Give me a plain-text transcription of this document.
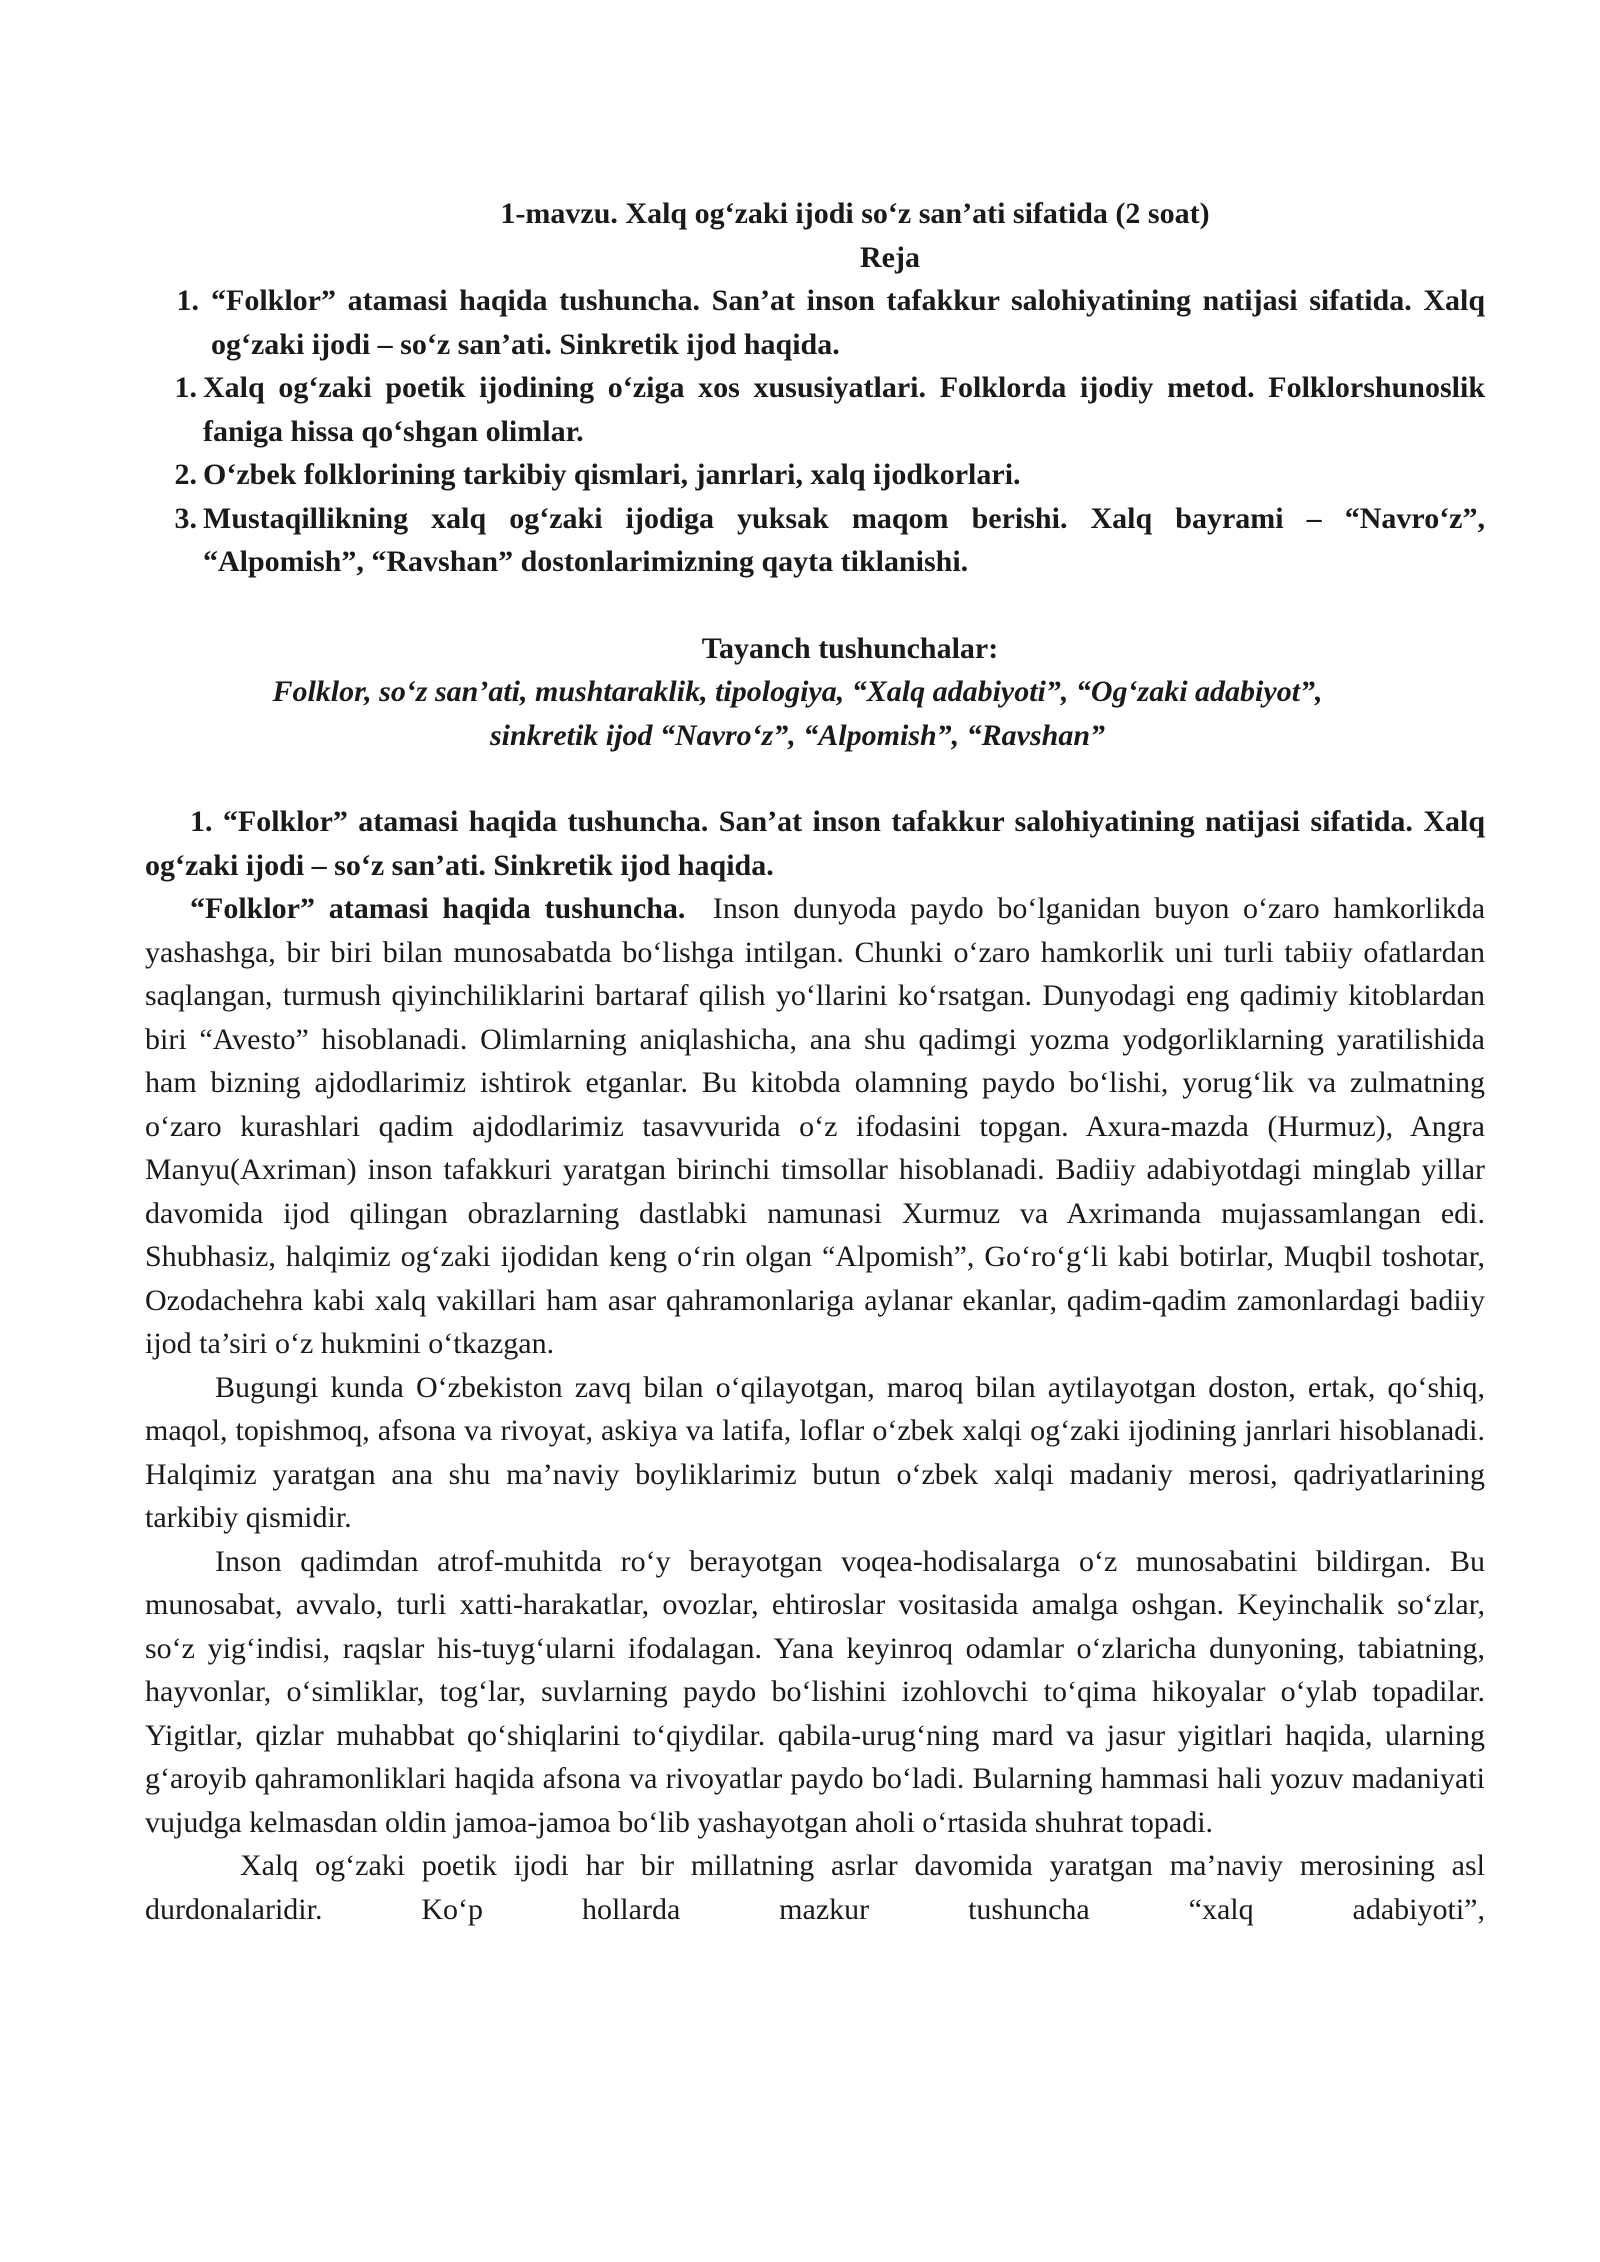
1-mavzu. Xalq og‘zaki ijodi so‘z san’ati sifatida (2 soat)
Reja
1. “Folklor” atamasi haqida tushuncha. San’at inson tafakkur salohiyatining natijasi sifatida. Xalq og‘zaki ijodi – so‘z san’ati. Sinkretik ijod haqida.
1. Xalq og‘zaki poetik ijodining o‘ziga xos xususiyatlari. Folklorda ijodiy metod. Folklorshunoslik faniga hissa qo‘shgan olimlar.
2. O‘zbek folklorining tarkibiy qismlari, janrlari, xalq ijodkorlari.
3. Mustaqillikning xalq og‘zaki ijodiga yuksak maqom berishi. Xalq bayrami – “Navro‘z”, “Alpomish”, “Ravshan” dostonlarimizning qayta tiklanishi.
Tayanch tushunchalar:
Folklor, so‘z san’ati, mushtaraklik, tipologiya, “Xalq adabiyoti”, “Og‘zaki adabiyot”, sinkretik ijod “Navro‘z”, “Alpomish”, “Ravshan”
1. “Folklor” atamasi haqida tushuncha. San’at inson tafakkur salohiyatining natijasi sifatida. Xalq og‘zaki ijodi – so‘z san’ati. Sinkretik ijod haqida.

“Folklor” atamasi haqida tushuncha. Inson dunyoda paydo bo‘lganidan buyon o‘zaro hamkorlikda yashashga, bir biri bilan munosabatda bo‘lishga intilgan. Chunki o‘zaro hamkorlik uni turli tabiiy ofatlardan saqlangan, turmush qiyinchiliklarini bartaraf qilish yo‘llarini ko‘rsatgan. Dunyodagi eng qadimiy kitoblardan biri “Avesto” hisoblanadi. Olimlarning aniqlashicha, ana shu qadimgi yozma yodgorliklarning yaratilishida ham bizning ajdodlarimiz ishtirok etganlar. Bu kitobda olamning paydo bo‘lishi, yorug‘lik va zulmatning o‘zaro kurashlari qadim ajdodlarimiz tasavvurida o‘z ifodasini topgan. Axura-mazda (Hurmuz), Angra Manyu(Axriman) inson tafakkuri yaratgan birinchi timsollar hisoblanadi. Badiiy adabiyotdagi minglab yillar davomida ijod qilingan obrazlarning dastlabki namunasi Xurmuz va Axrimanda mujassamlangan edi. Shubhasiz, halqimiz og‘zaki ijodidan keng o‘rin olgan “Alpomish”, Go‘ro‘g‘li kabi botirlar, Muqbil toshotar, Ozodachehra kabi xalq vakillari ham asar qahramonlariga aylanar ekanlar, qadim-qadim zamonlardagi badiiy ijod ta’siri o‘z hukmini o‘tkazgan.

Bugungi kunda O‘zbekiston zavq bilan o‘qilayotgan, maroq bilan aytilayotgan doston, ertak, qo‘shiq, maqol, topishmoq, afsona va rivoyat, askiya va latifa, loflar o‘zbek xalqi og‘zaki ijodining janrlari hisoblanadi. Halqimiz yaratgan ana shu ma’naviy boyliklarimiz butun o‘zbek xalqi madaniy merosi, qadriyatlarining tarkibiy qismidir.

Inson qadimdan atrof-muhitda ro‘y berayotgan voqea-hodisalarga o‘z munosabatini bildirgan. Bu munosabat, avvalo, turli xatti-harakatlar, ovozlar, ehtiroslar vositasida amalga oshgan. Keyinchalik so‘zlar, so‘z yig‘indisi, raqslar his-tuyg‘ularni ifodalagan. Yana keyinroq odamlar o‘zlaricha dunyoning, tabiatning, hayvonlar, o‘simliklar, tog‘lar, suvlarning paydo bo‘lishini izohlovchi to‘qima hikoyalar o‘ylab topadilar. Yigitlar, qizlar muhabbat qo‘shiqlarini to‘qiydilar. qabila-urug‘ning mard va jasur yigitlari haqida, ularning g‘aroyib qahramonliklari haqida afsona va rivoyatlar paydo bo‘ladi. Bularning hammasi hali yozuv madaniyati vujudga kelmasdan oldin jamoa-jamoa bo‘lib yashayotgan aholi o‘rtasida shuhrat topadi.

Xalq og‘zaki poetik ijodi har bir millatning asrlar davomida yaratgan ma’naviy merosining asl durdonalaridir. Ko‘p hollarda mazkur tushuncha “xalq adabiyoti”,
